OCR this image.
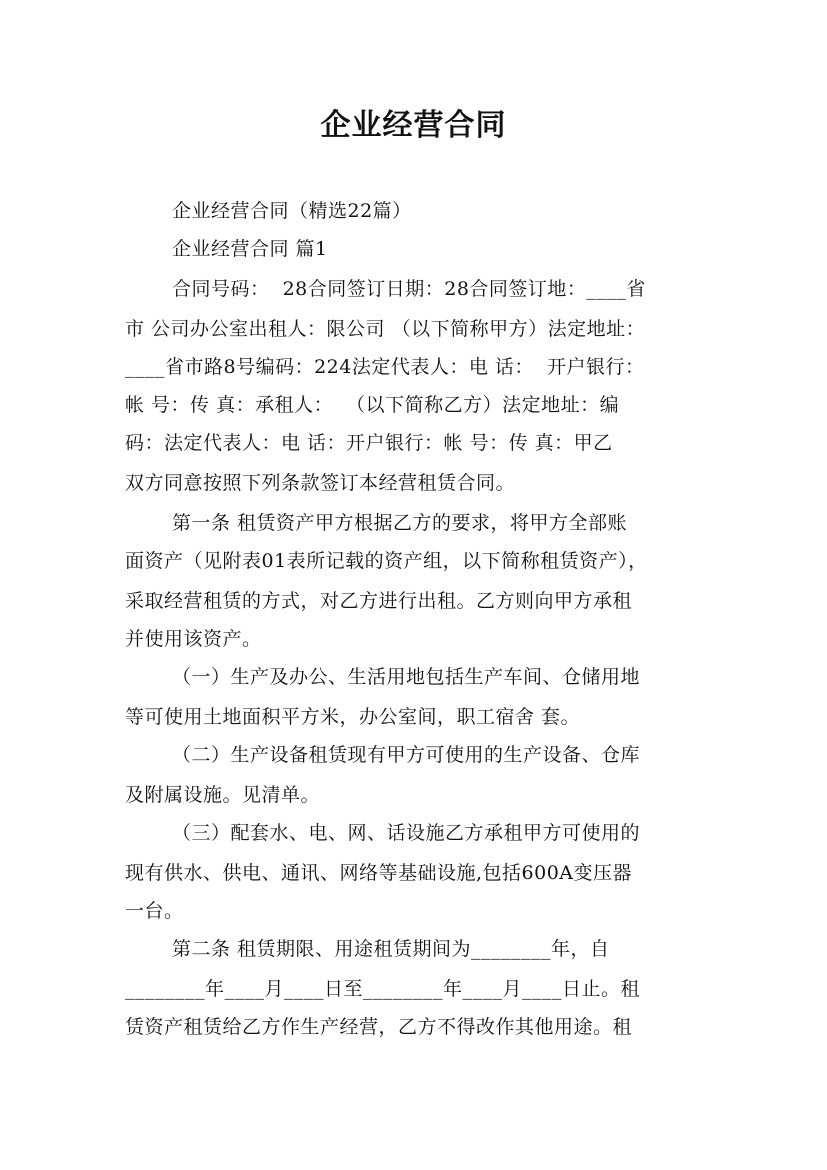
企业经营合同
企业经营合同（精选22篇）
企业经营合同 篇1
合同号码：  28合同签订日期：28合同签订地：____省
市 公司办公室出租人：限公司 （以下简称甲方）法定地址：
____省市路8号编码：224法定代表人：电 话：  开户银行：
帐 号：传 真：承租人：  （以下简称乙方）法定地址：编
码：法定代表人：电 话：开户银行：帐 号：传 真：甲乙
双方同意按照下列条款签订本经营租赁合同。
第一条 租赁资产甲方根据乙方的要求，将甲方全部账
面资产（见附表01表所记载的资产组，以下简称租赁资产），
采取经营租赁的方式，对乙方进行出租。乙方则向甲方承租
并使用该资产。
（一）生产及办公、生活用地包括生产车间、仓储用地
等可使用土地面积平方米，办公室间，职工宿舍 套。
（二）生产设备租赁现有甲方可使用的生产设备、仓库
及附属设施。见清单。
（三）配套水、电、网、话设施乙方承租甲方可使用的
现有供水、供电、通讯、网络等基础设施,包括600A变压器
一台。
第二条 租赁期限、用途租赁期间为________年，自
________年____月____日至________年____月____日止。租
赁资产租赁给乙方作生产经营，乙方不得改作其他用途。租
